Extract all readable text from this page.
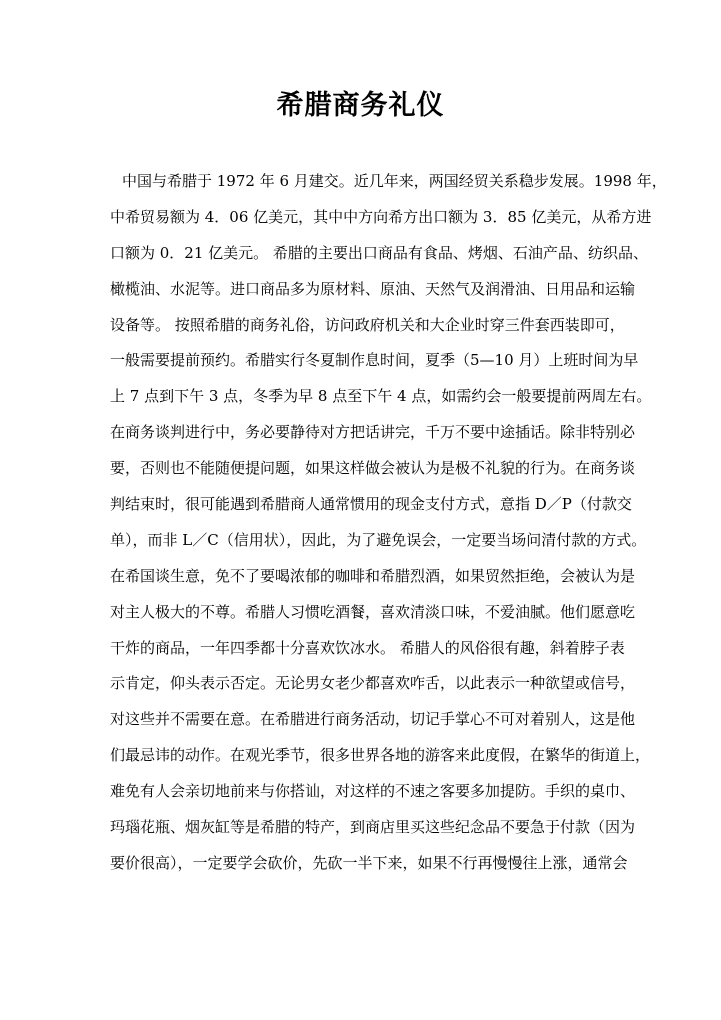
希腊商务礼仪
中国与希腊于 1972 年 6 月建交。近几年来，两国经贸关系稳步发展。1998 年，
中希贸易额为 4．06 亿美元，其中中方向希方出口额为 3．85 亿美元，从希方进
口额为 0．21 亿美元。 希腊的主要出口商品有食品、烤烟、石油产品、纺织品、
橄榄油、水泥等。进口商品多为原材料、原油、天然气及润滑油、日用品和运输
设备等。 按照希腊的商务礼俗，访问政府机关和大企业时穿三件套西装即可，
一般需要提前预约。希腊实行冬夏制作息时间，夏季（5—10 月）上班时间为早
上 7 点到下午 3 点，冬季为早 8 点至下午 4 点，如需约会一般要提前两周左右。
在商务谈判进行中，务必要静待对方把话讲完，千万不要中途插话。除非特别必
要，否则也不能随便提问题，如果这样做会被认为是极不礼貌的行为。在商务谈
判结束时，很可能遇到希腊商人通常惯用的现金支付方式，意指 D／P（付款交
单），而非 L／C（信用状），因此，为了避免误会，一定要当场问清付款的方式。
在希国谈生意，免不了要喝浓郁的咖啡和希腊烈酒，如果贸然拒绝，会被认为是
对主人极大的不尊。希腊人习惯吃酒餐，喜欢清淡口味，不爱油腻。他们愿意吃
干炸的商品，一年四季都十分喜欢饮冰水。 希腊人的风俗很有趣，斜着脖子表
示肯定，仰头表示否定。无论男女老少都喜欢咋舌，以此表示一种欲望或信号，
对这些并不需要在意。在希腊进行商务活动，切记手掌心不可对着别人，这是他
们最忌讳的动作。在观光季节，很多世界各地的游客来此度假，在繁华的街道上，
难免有人会亲切地前来与你搭讪，对这样的不速之客要多加提防。手织的桌巾、
玛瑙花瓶、烟灰缸等是希腊的特产，到商店里买这些纪念品不要急于付款（因为
要价很高），一定要学会砍价，先砍一半下来，如果不行再慢慢往上涨，通常会
